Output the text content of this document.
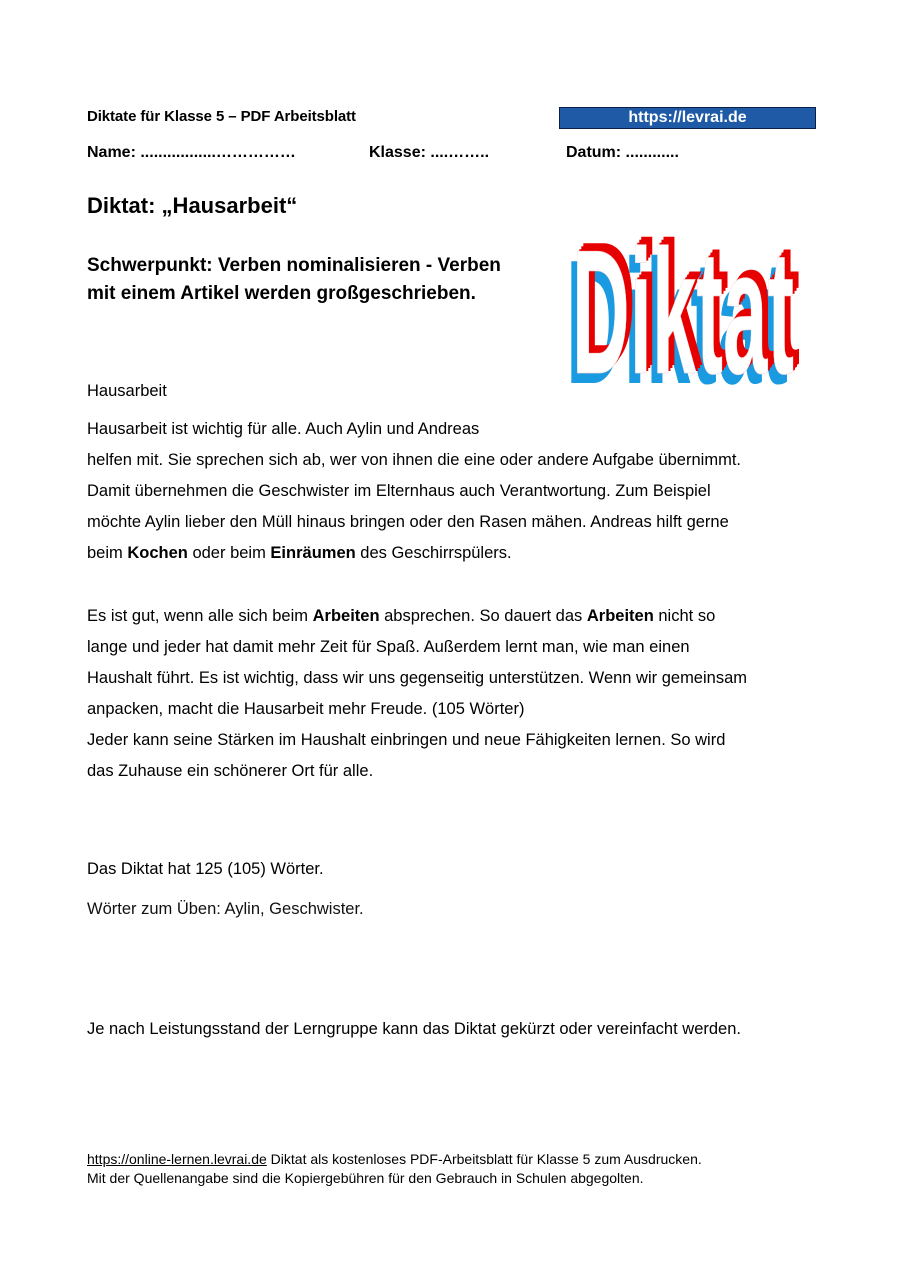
Diktate für Klasse 5 – PDF Arbeitsblatt	https://levrai.de
Name: .................……………	Klasse: ....……..	Datum: ............
Diktat: „Hausarbeit“
Schwerpunkt: Verben nominalisieren - Verben mit einem Artikel werden großgeschrieben.
Hausarbeit
Hausarbeit ist wichtig für alle. Auch Aylin und Andreas
helfen mit. Sie sprechen sich ab, wer von ihnen die eine oder andere Aufgabe übernimmt.
Damit übernehmen die Geschwister im Elternhaus auch Verantwortung. Zum Beispiel
möchte Aylin lieber den Müll hinaus bringen oder den Rasen mähen. Andreas hilft gerne
beim Kochen oder beim Einräumen des Geschirrspülers.
Es ist gut, wenn alle sich beim Arbeiten absprechen. So dauert das Arbeiten nicht so
lange und jeder hat damit mehr Zeit für Spaß. Außerdem lernt man, wie man einen
Haushalt führt. Es ist wichtig, dass wir uns gegenseitig unterstützen. Wenn wir gemeinsam
anpacken, macht die Hausarbeit mehr Freude. (105 Wörter)
Jeder kann seine Stärken im Haushalt einbringen und neue Fähigkeiten lernen. So wird
das Zuhause ein schönerer Ort für alle.
Das Diktat hat 125 (105) Wörter.
Wörter zum Üben: Aylin, Geschwister.
Je nach Leistungsstand der Lerngruppe kann das Diktat gekürzt oder vereinfacht werden.
https://online-lernen.levrai.de Diktat als kostenloses PDF-Arbeitsblatt für Klasse 5 zum Ausdrucken.
Mit der Quellenangabe sind die Kopiergebühren für den Gebrauch in Schulen abgegolten.
